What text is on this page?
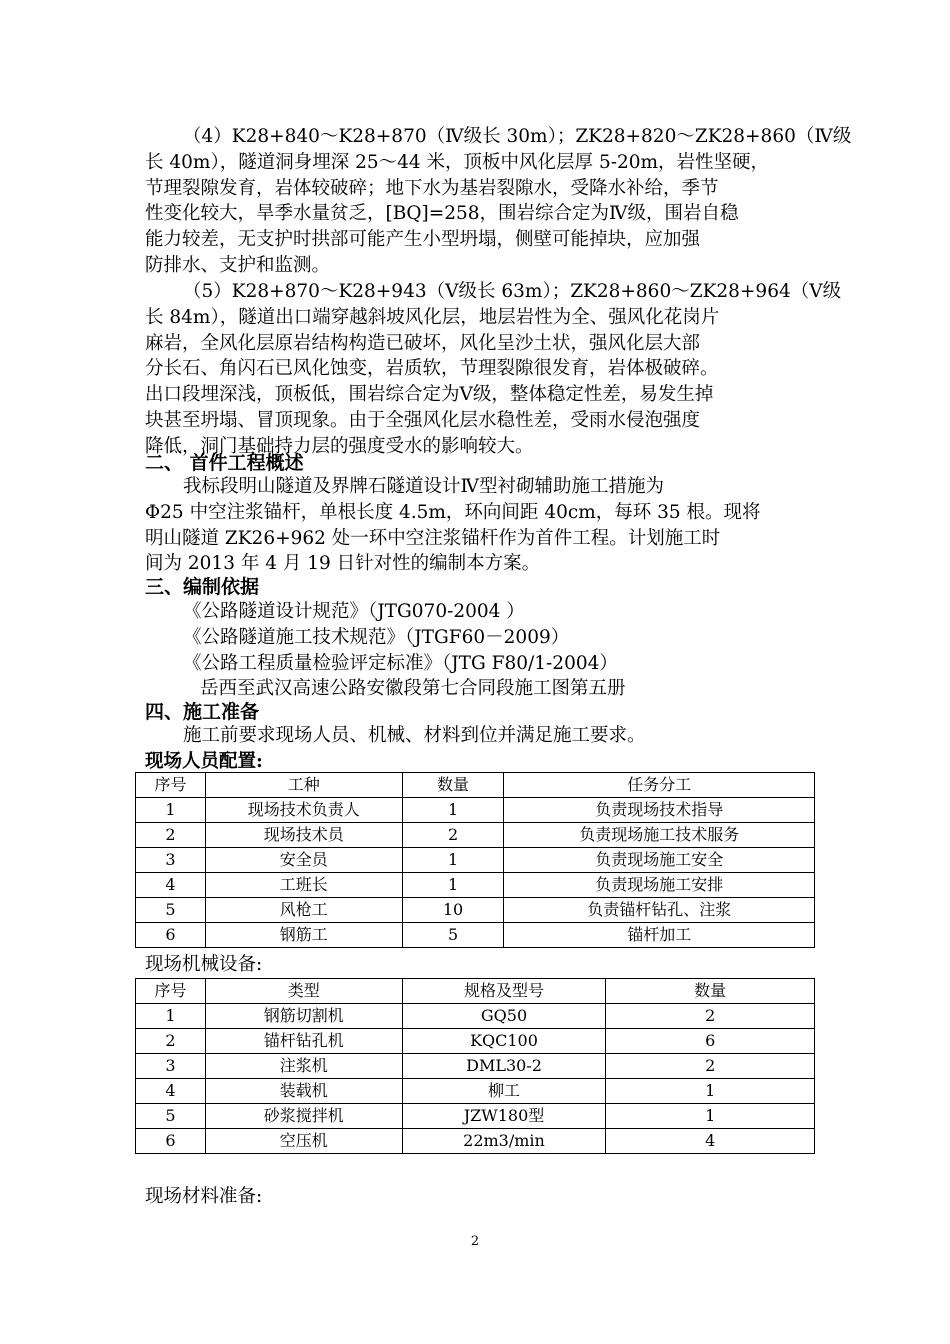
（4）K28+840～K28+870（Ⅳ级长 30m）；ZK28+820～ZK28+860（Ⅳ级
长 40m），隧道洞身埋深 25～44 米，顶板中风化层厚 5-20m，岩性坚硬，
节理裂隙发育，岩体较破碎；地下水为基岩裂隙水，受降水补给，季节
性变化较大，旱季水量贫乏，[BQ]=258，围岩综合定为Ⅳ级，围岩自稳
能力较差，无支护时拱部可能产生小型坍塌，侧壁可能掉块，应加强
防排水、支护和监测。
（5）K28+870～K28+943（Ⅴ级长 63m）；ZK28+860～ZK28+964（Ⅴ级
长 84m），隧道出口端穿越斜坡风化层，地层岩性为全、强风化花岗片
麻岩，全风化层原岩结构构造已破坏，风化呈沙土状，强风化层大部
分长石、角闪石已风化蚀变，岩质软，节理裂隙很发育，岩体极破碎。
出口段埋深浅，顶板低，围岩综合定为Ⅴ级，整体稳定性差，易发生掉
块甚至坍塌、冒顶现象。由于全强风化层水稳性差，受雨水侵泡强度
降低，洞门基础持力层的强度受水的影响较大。
二、 首件工程概述
我标段明山隧道及界牌石隧道设计Ⅳ型衬砌辅助施工措施为
Φ25 中空注浆锚杆，单根长度 4.5m，环向间距 40cm，每环 35 根。现将
明山隧道 ZK26+962 处一环中空注浆锚杆作为首件工程。计划施工时
间为 2013 年 4 月 19 日针对性的编制本方案。
三、编制依据
《公路隧道设计规范》（JTG070-2004 ）
《公路隧道施工技术规范》（JTGF60－2009）
《公路工程质量检验评定标准》（JTG F80/1-2004）
岳西至武汉高速公路安徽段第七合同段施工图第五册
四、施工准备
施工前要求现场人员、机械、材料到位并满足施工要求。
现场人员配置:
序号	工种	数量	任务分工
1	现场技术负责人	1	负责现场技术指导
2	现场技术员	2	负责现场施工技术服务
3	安全员	1	负责现场施工安全
4	工班长	1	负责现场施工安排
5	风枪工	10	负责锚杆钻孔、注浆
6	钢筋工	5	锚杆加工
现场机械设备:
序号	类型	规格及型号	数量
1	钢筋切割机	GQ50	2
2	锚杆钻孔机	KQC100	6
3	注浆机	DML30-2	2
4	装载机	柳工	1
5	砂浆搅拌机	JZW180型	1
6	空压机	22m3/min	4
现场材料准备:
2
